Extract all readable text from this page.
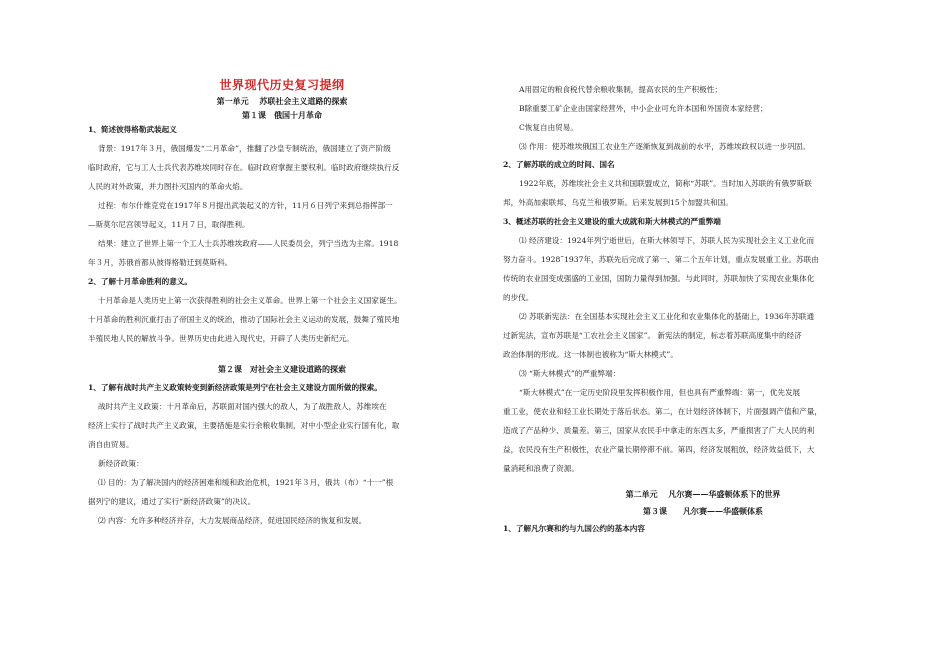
世界现代历史复习提纲

第一单元　 苏联社会主义道路的探索

第１课　俄国十月革命

1、简述彼得格勒武装起义

背景：1917年３月，俄国爆发“二月革命”，推翻了沙皇专制统治，俄国建立了资产阶级

临时政府，它与工人士兵代表苏维埃同时存在。临时政府掌握主要权利。临时政府继续执行反

人民的对外政策，并力图扑灭国内的革命火焰。

过程：布尔什维克党在1917年８月提出武装起义的方针，11月６日列宁来到总指挥部一

—斯莫尔尼宫领导起义，11月７日，取得胜利。

结果：建立了世界上第一个工人士兵苏维埃政府——人民委员会，列宁当选为主席。1918

年３月，苏俄首都从彼得格勒迁到莫斯科。

2、了解十月革命胜利的意义。

十月革命是人类历史上第一次获得胜利的社会主义革命。世界上第一个社会主义国家诞生。

十月革命的胜利沉重打击了帝国主义的统治，推动了国际社会主义运动的发展，鼓舞了殖民地

半殖民地人民的解放斗争。世界历史由此进入现代史，开辟了人类历史新纪元。

第２课　对社会主义建设道路的探索

1、了解有战时共产主义政策转变到新经济政策是列宁在社会主义建设方面所做的探索。

战时共产主义政策：十月革命后，苏联面对国内强大的敌人，为了战胜敌人，苏维埃在

经济上实行了战时共产主义政策，主要措施是实行余粮收集制，对中小型企业实行国有化，取

消自由贸易。

新经济政策：

⑴ 目的：为了解决国内的经济困难和缓和政治危机，1921年３月，俄共（布）“十一”根

据列宁的建议，通过了实行“新经济政策”的决议。

⑵ 内容：允许多种经济并存，大力发展商品经济，促进国民经济的恢复和发展。

A用固定的粮食税代替余粮收集制，提高农民的生产积极性；

B除重要工矿企业由国家经营外，中小企业可允许本国和外国资本家经营；

C恢复自由贸易。

⑶ 作用：使苏维埃俄国工农业生产逐渐恢复到战前的水平，苏维埃政权以进一步巩固。

2、了解苏联的成立的时间、国名

1922年底，苏维埃社会主义共和国联盟成立，简称“苏联”。当时加入苏联的有俄罗斯联

邦，外高加索联邦、乌克兰和俄罗斯。后来发展到15个加盟共和国。

3、概述苏联的社会主义建设的重大成就和斯大林模式的严重弊端

⑴ 经济建设：1924年列宁逝世后，在斯大林领导下，苏联人民为实现社会主义工业化而

努力奋斗。1928˜1937年，苏联先后完成了第一、第二个五年计划，重点发展重工业。苏联由

传统的农业国变成强盛的工业国，国防力量得到加强。与此同时，苏联加快了实现农业集体化

的步伐。

⑵ 苏联新宪法：在全国基本实现社会主义工业化和农业集体化的基础上，1936年苏联通

过新宪法，宣布苏联是“工农社会主义国家”。 新宪法的制定，标志着苏联高度集中的经济

政治体制的形成。这一体制也被称为“斯大林模式”。

⑶ “斯大林模式”的严重弊端：

“斯大林模式”在一定历史阶段里发挥积极作用，但也具有严重弊端：第一，优先发展

重工业，使农业和轻工业长期处于落后状态。第二，在计划经济体制下，片面强调产值和产量，

造成了产品种少、质量差。第三，国家从农民手中拿走的东西太多，严重损害了广大人民的利

益，农民没有生产积极性，农业产量长期停滞不前。第四，经济发展粗放，经济效益低下，大

量消耗和浪费了资源。

第二单元　 凡尔赛——华盛顿体系下的世界

第３课　　凡尔赛——华盛顿体系

1、了解凡尔赛和约与九国公约的基本内容
